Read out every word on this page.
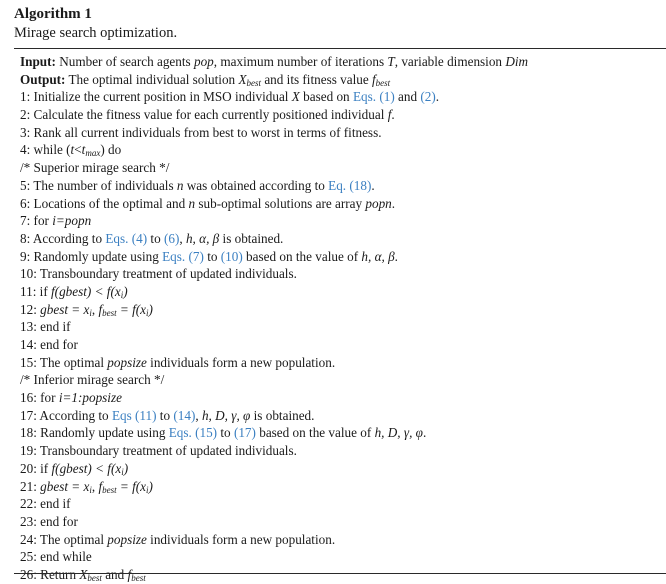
Algorithm 1
Mirage search optimization.
Input: Number of search agents pop, maximum number of iterations T, variable dimension Dim
Output: The optimal individual solution $X_{best}$ and its fitness value $f_{best}$
1: Initialize the current position in MSO individual X based on Eqs. (1) and (2).
2: Calculate the fitness value for each currently positioned individual f.
3: Rank all current individuals from best to worst in terms of fitness.
4: while $(t<t_{max})$ do
/* Superior mirage search */
5: The number of individuals n was obtained according to Eq. (18).
6: Locations of the optimal and n sub-optimal solutions are array popn.
7: for i=popn
8: According to Eqs. (4) to (6), h, α, β is obtained.
9: Randomly update using Eqs. (7) to (10) based on the value of h, α, β.
10: Transboundary treatment of updated individuals.
11: if f(gbest) < $f(x_i)$
12: gbest = $x_i$, $f_{best} = f(x_i)$
13: end if
14: end for
15: The optimal popsize individuals form a new population.
/* Inferior mirage search */
16: for i=1:popsize
17: According to Eqs (11) to (14), h, D, γ, φ is obtained.
18: Randomly update using Eqs. (15) to (17) based on the value of h, D, γ, φ.
19: Transboundary treatment of updated individuals.
20: if f(gbest) < $f(x_i)$
21: gbest = $x_i$, $f_{best} = f(x_i)$
22: end if
23: end for
24: The optimal popsize individuals form a new population.
25: end while
26: Return $X_{best}$ and $f_{best}$
